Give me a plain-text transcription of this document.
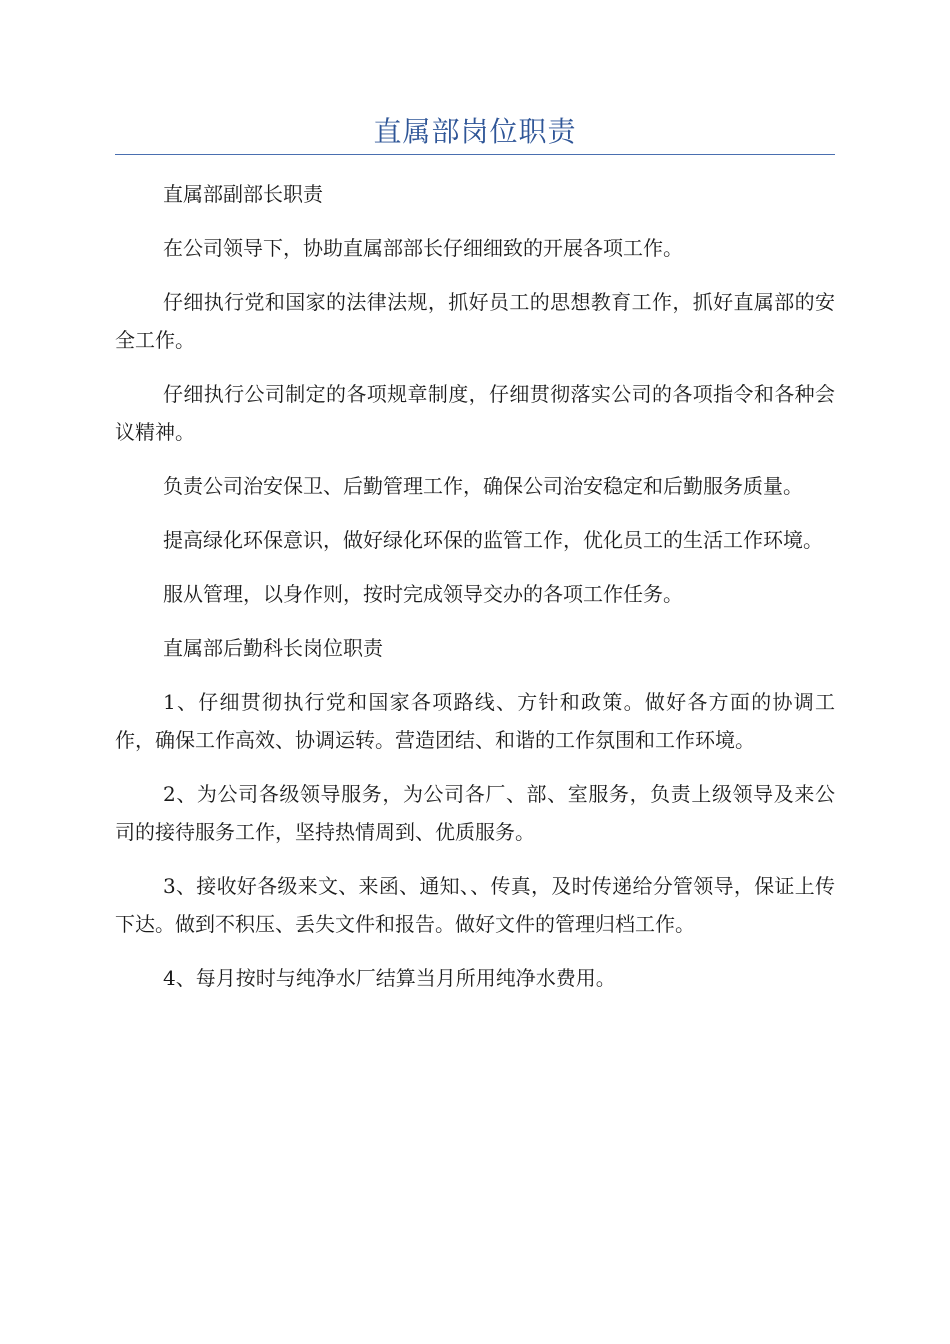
直属部岗位职责

直属部副部长职责

在公司领导下，协助直属部部长仔细细致的开展各项工作。

仔细执行党和国家的法律法规，抓好员工的思想教育工作，抓好直属部的安全工作。

仔细执行公司制定的各项规章制度，仔细贯彻落实公司的各项指令和各种会议精神。

负责公司治安保卫、后勤管理工作，确保公司治安稳定和后勤服务质量。

提高绿化环保意识，做好绿化环保的监管工作，优化员工的生活工作环境。

服从管理，以身作则，按时完成领导交办的各项工作任务。

直属部后勤科长岗位职责

1、仔细贯彻执行党和国家各项路线、方针和政策。做好各方面的协调工作，确保工作高效、协调运转。营造团结、和谐的工作氛围和工作环境。

2、为公司各级领导服务，为公司各厂、部、室服务，负责上级领导及来公司的接待服务工作，坚持热情周到、优质服务。

3、接收好各级来文、来函、通知、、传真，及时传递给分管领导，保证上传下达。做到不积压、丢失文件和报告。做好文件的管理归档工作。

4、每月按时与纯净水厂结算当月所用纯净水费用。
